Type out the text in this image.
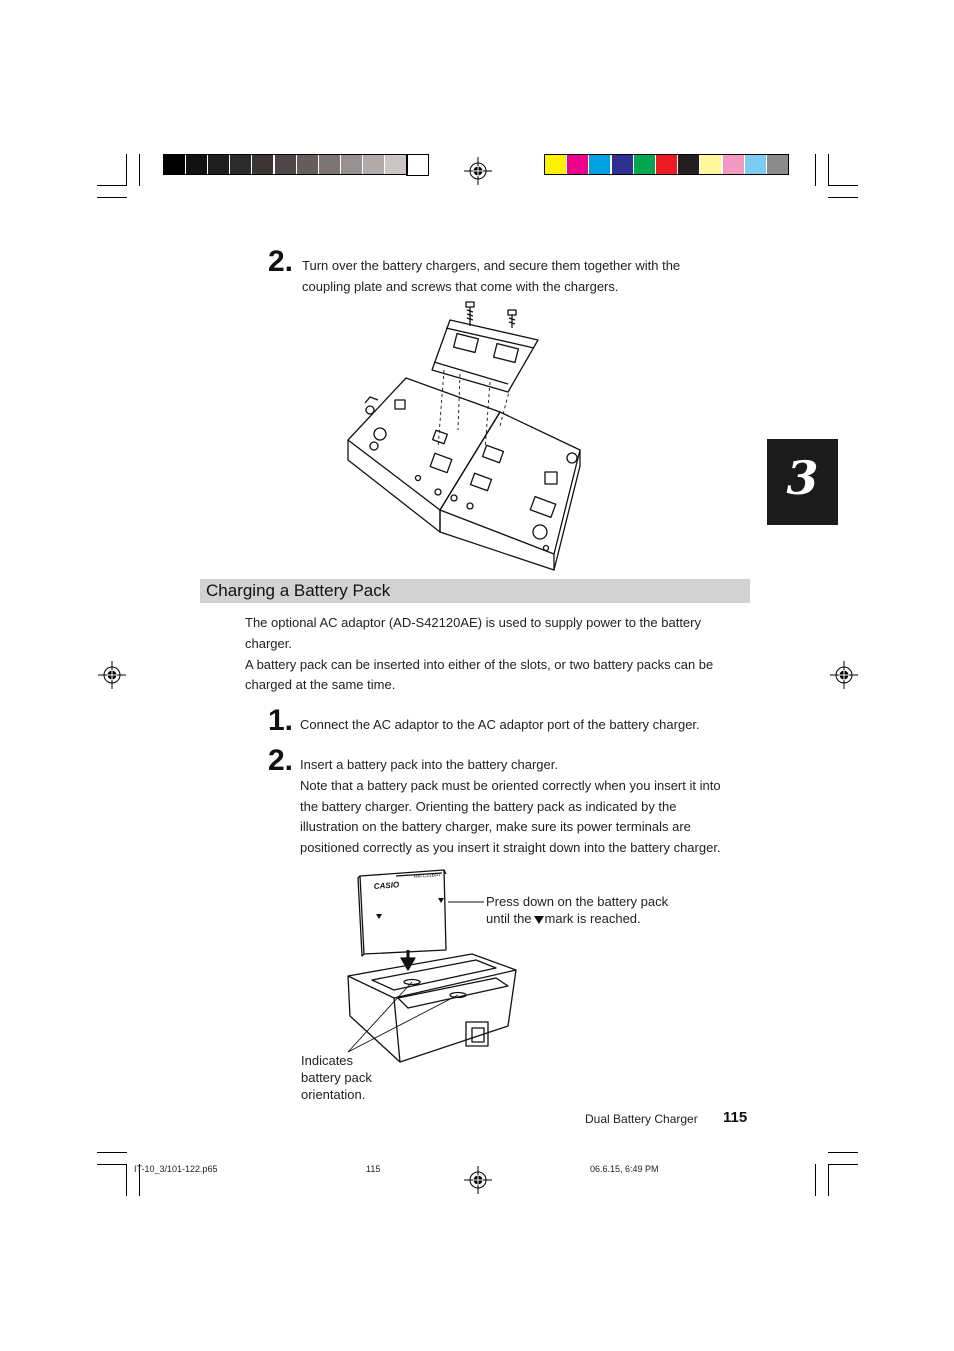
3
2. Turn over the battery chargers, and secure them together with the
coupling plate and screws that come with the chargers.
Charging a Battery Pack
The optional AC adaptor (AD-S42120AE) is used to supply power to the battery
charger.
A battery pack can be inserted into either of the slots, or two battery packs can be
charged at the same time.
1. Connect the AC adaptor to the AC adaptor port of the battery charger.
2. Insert a battery pack into the battery charger.
Note that a battery pack must be oriented correctly when you insert it into
the battery charger. Orienting the battery pack as indicated by the
illustration on the battery charger, make sure its power terminals are
positioned correctly as you insert it straight down into the battery charger.
CASIO
HA-C21BAT
Press down on the battery pack
until the mark is reached.
Indicates
battery pack
orientation.
Dual Battery Charger 115
IT-10_3/101-122.p65	115	06.6.15, 6:49 PM
